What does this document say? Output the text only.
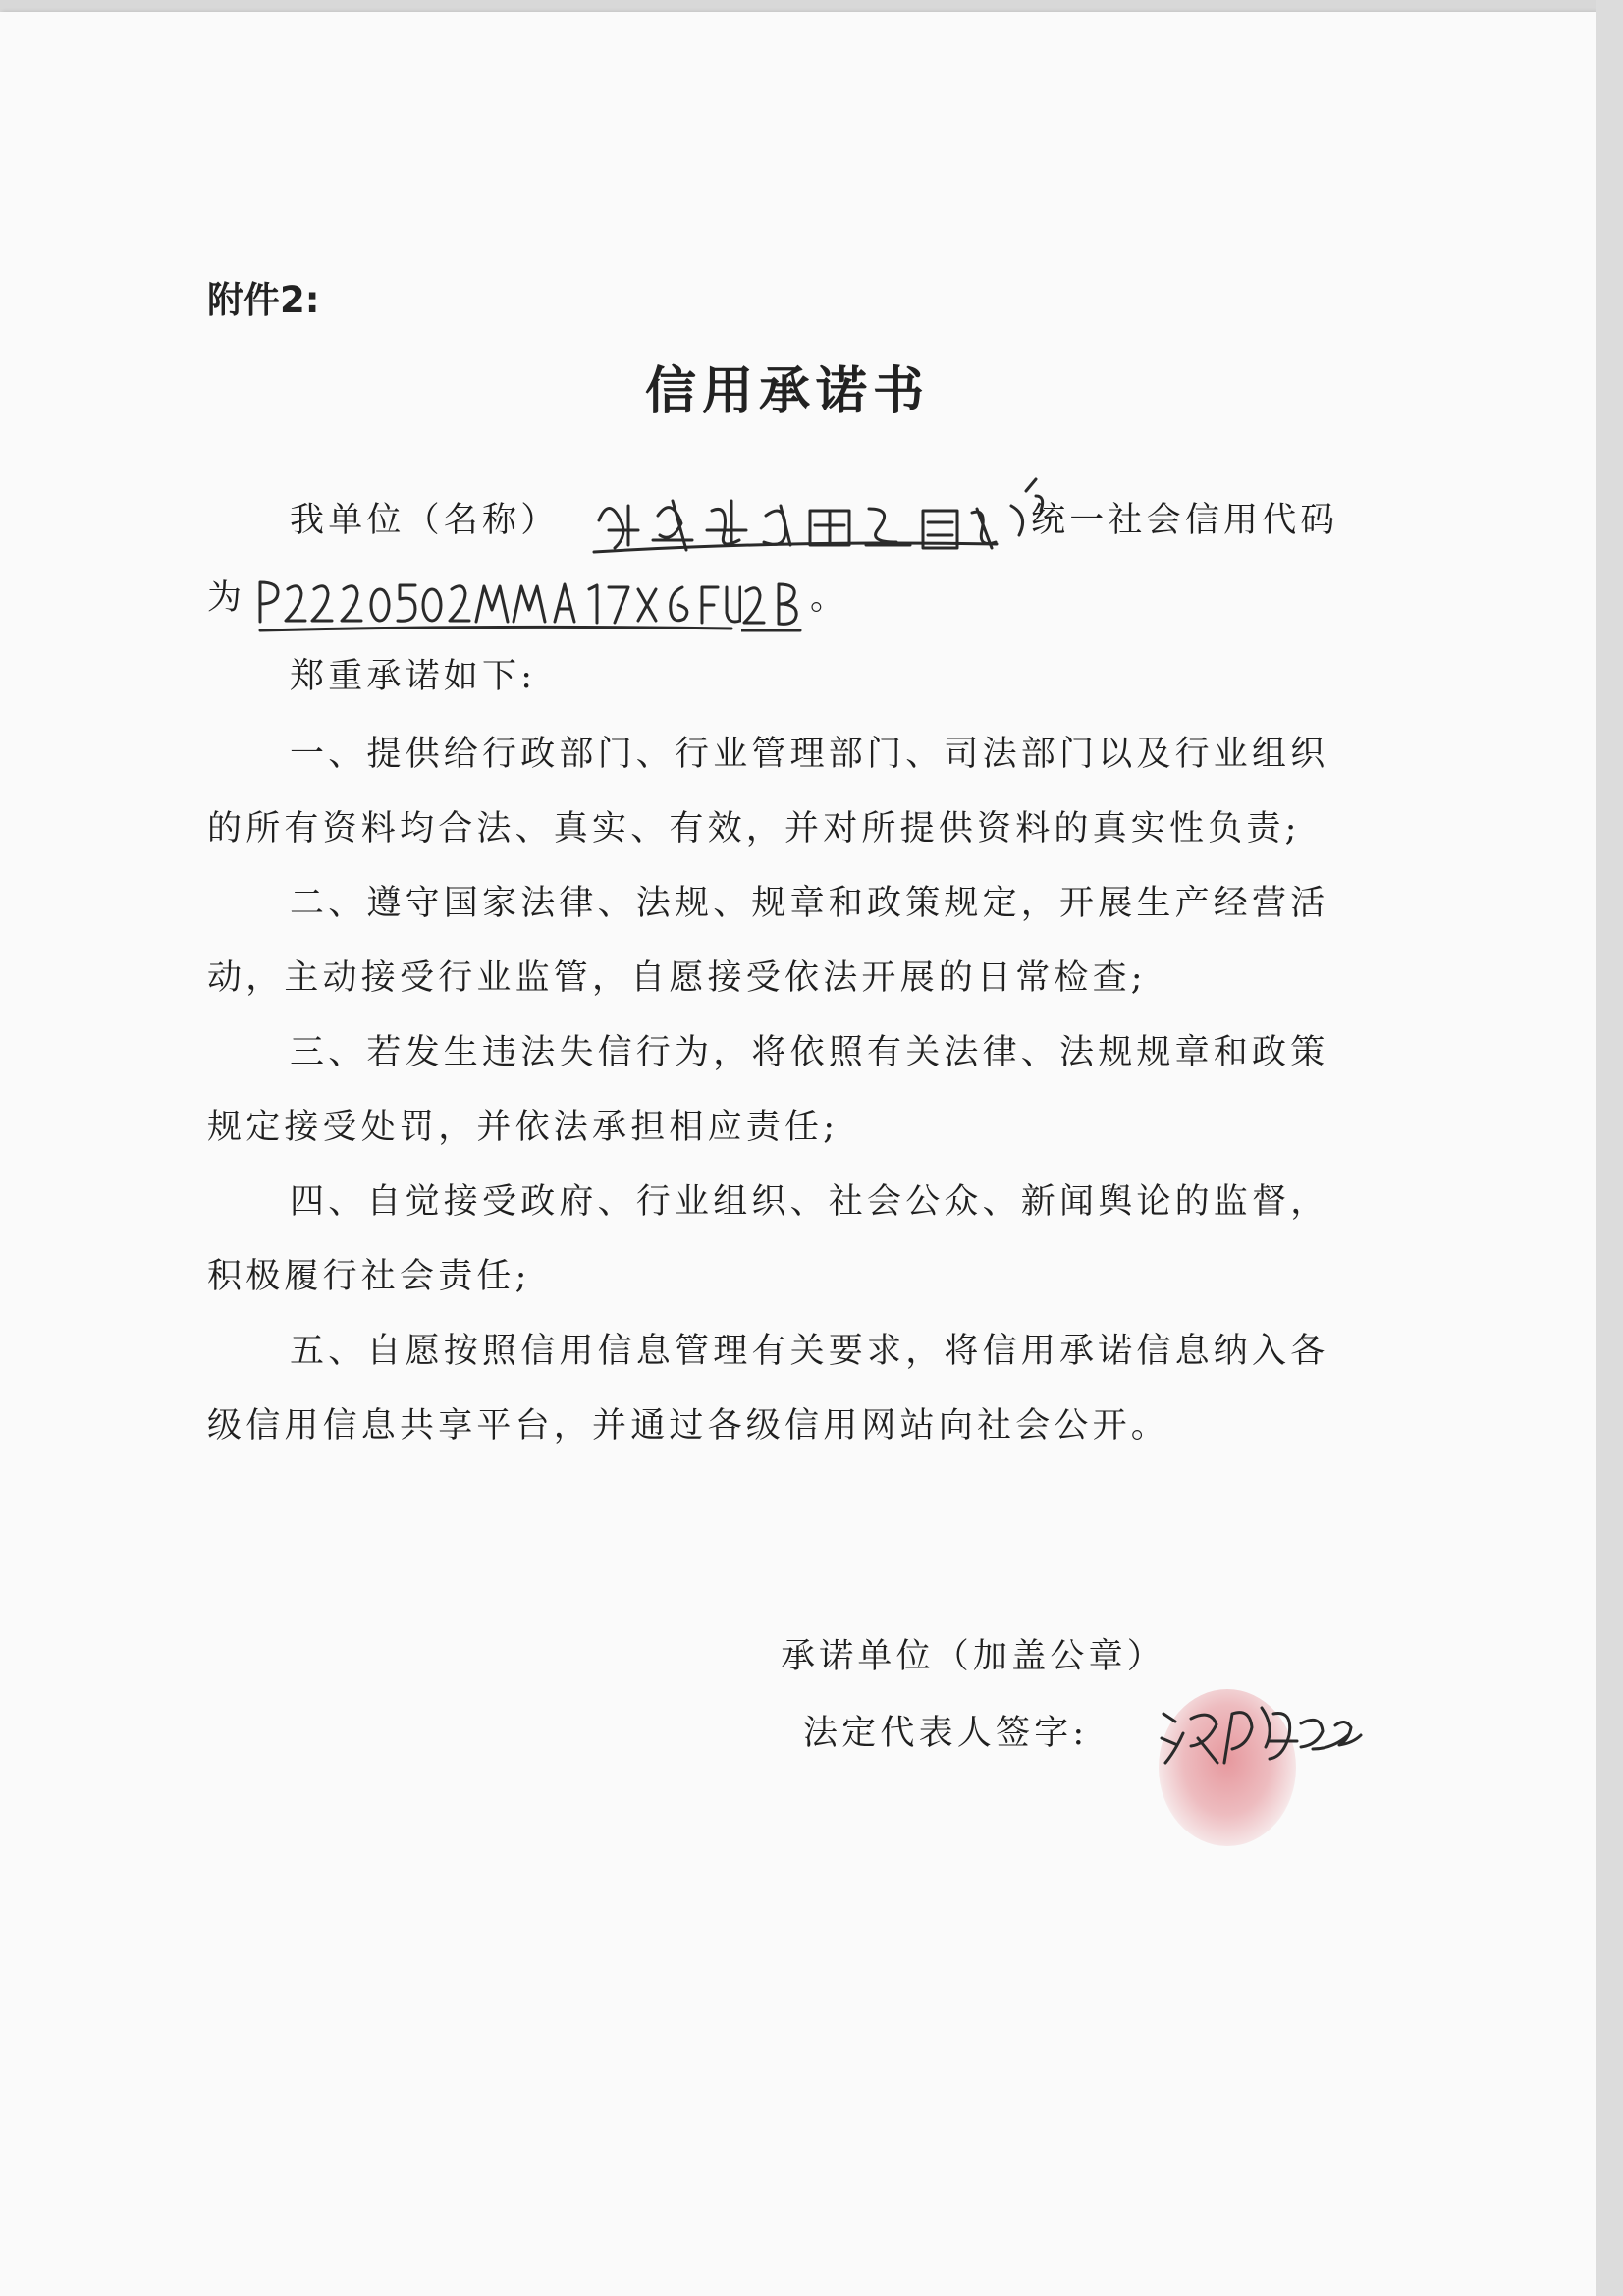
附件2:
信用承诺书
我单位（名称）	统一社会信用代码
为	。
郑重承诺如下:
一、提供给行政部门、行业管理部门、司法部门以及行业组织
的所有资料均合法、真实、有效，并对所提供资料的真实性负责;
二、遵守国家法律、法规、规章和政策规定，开展生产经营活
动，主动接受行业监管，自愿接受依法开展的日常检查;
三、若发生违法失信行为，将依照有关法律、法规规章和政策
规定接受处罚，并依法承担相应责任;
四、自觉接受政府、行业组织、社会公众、新闻舆论的监督，
积极履行社会责任;
五、自愿按照信用信息管理有关要求，将信用承诺信息纳入各
级信用信息共享平台，并通过各级信用网站向社会公开。
承诺单位（加盖公章）
法定代表人签字:
